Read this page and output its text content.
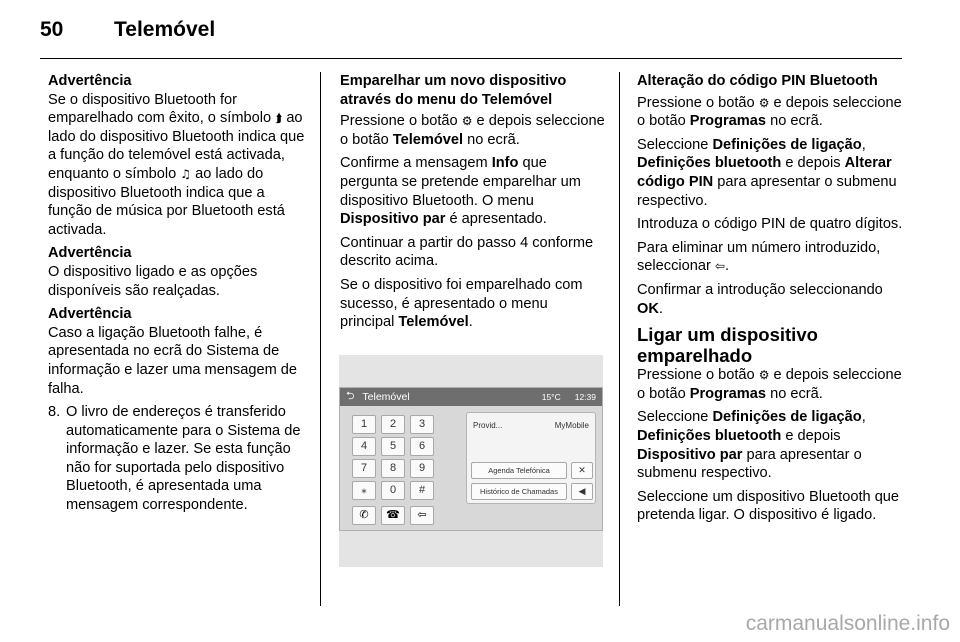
50	Telemóvel

Advertência
Se o dispositivo Bluetooth for emparelhado com êxito, o símbolo ⮭ ao lado do dispositivo Bluetooth indica que a função do telemóvel está activada, enquanto o símbolo ♫ ao lado do dispositivo Bluetooth indica que a função de música por Bluetooth está activada.

Advertência
O dispositivo ligado e as opções disponíveis são realçadas.

Advertência
Caso a ligação Bluetooth falhe, é apresentada no ecrã do Sistema de informação e lazer uma mensagem de falha.

8. O livro de endereços é transferido automaticamente para o Sistema de informação e lazer. Se esta função não for suportada pelo dispositivo Bluetooth, é apresentada uma mensagem correspondente.

Emparelhar um novo dispositivo através do menu do Telemóvel

Pressione o botão ⚙ e depois seleccione o botão Telemóvel no ecrã.

Confirme a mensagem Info que pergunta se pretende emparelhar um dispositivo Bluetooth. O menu Dispositivo par é apresentado.

Continuar a partir do passo 4 conforme descrito acima.

Se o dispositivo foi emparelhado com sucesso, é apresentado o menu principal Telemóvel.

⮌ Telemóvel	15°C 12:39
1	2	3
4	5	6
7	8	9
⁎	0	#
✆	☎	⇦
Provid...	MyMobile
Agenda Telefónica	✕
Histórico de Chamadas	◀

Alteração do código PIN Bluetooth

Pressione o botão ⚙ e depois seleccione o botão Programas no ecrã.

Seleccione Definições de ligação, Definições bluetooth e depois Alterar código PIN para apresentar o submenu respectivo.

Introduza o código PIN de quatro dígitos.

Para eliminar um número introduzido, seleccionar ⇦.

Confirmar a introdução seleccionando OK.

Ligar um dispositivo emparelhado

Pressione o botão ⚙ e depois seleccione o botão Programas no ecrã.

Seleccione Definições de ligação, Definições bluetooth e depois Dispositivo par para apresentar o submenu respectivo.

Seleccione um dispositivo Bluetooth que pretenda ligar. O dispositivo é ligado.

carmanualsonline.info
